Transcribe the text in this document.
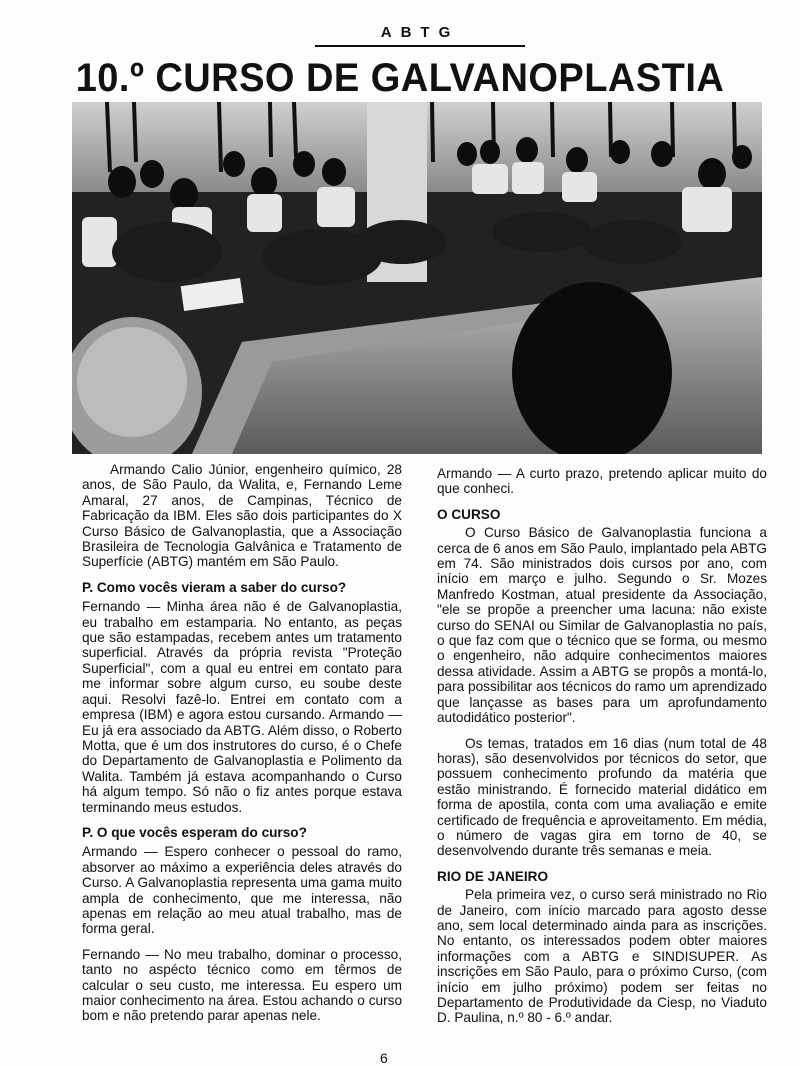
ABTG
10.º CURSO DE GALVANOPLASTIA

Armando Calio Júnior, engenheiro químico, 28 anos, de São Paulo, da Walita, e, Fernando Leme Amaral, 27 anos, de Campinas, Técnico de Fabricação da IBM. Eles são dois participantes do X Curso Básico de Galvanoplastia, que a Associação Brasileira de Tecnologia Galvânica e Tratamento de Superfície (ABTG) mantém em São Paulo.

P. Como vocês vieram a saber do curso?

Fernando — Minha área não é de Galvanoplastia, eu trabalho em estamparia. No entanto, as peças que são estampadas, recebem antes um tratamento superficial. Através da própria revista "Proteção Superficial", com a qual eu entrei em contato para me informar sobre algum curso, eu soube deste aqui. Resolvi fazê-lo. Entrei em contato com a empresa (IBM) e agora estou cursando. Armando — Eu já era associado da ABTG. Além disso, o Roberto Motta, que é um dos instrutores do curso, é o Chefe do Departamento de Galvanoplastia e Polimento da Walita. Também já estava acompanhando o Curso há algum tempo. Só não o fiz antes porque estava terminando meus estudos.

P. O que vocês esperam do curso?

Armando — Espero conhecer o pessoal do ramo, absorver ao máximo a experiência deles através do Curso. A Galvanoplastia representa uma gama muito ampla de conhecimento, que me interessa, não apenas em relação ao meu atual trabalho, mas de forma geral.

Fernando — No meu trabalho, dominar o processo, tanto no aspécto técnico como em têrmos de calcular o seu custo, me interessa. Eu espero um maior conhecimento na área. Estou achando o curso bom e não pretendo parar apenas nele.

Armando — A curto prazo, pretendo aplicar muito do que conheci.

O CURSO

O Curso Básico de Galvanoplastia funciona a cerca de 6 anos em São Paulo, implantado pela ABTG em 74. São ministrados dois cursos por ano, com início em março e julho. Segundo o Sr. Mozes Manfredo Kostman, atual presidente da Associação, "ele se propõe a preencher uma lacuna: não existe curso do SENAI ou Similar de Galvanoplastia no país, o que faz com que o técnico que se forma, ou mesmo o engenheiro, não adquire conhecimentos maiores dessa atividade. Assim a ABTG se propôs a montá-lo, para possibilitar aos técnicos do ramo um aprendizado que lançasse as bases para um aprofundamento autodidático posterior".

Os temas, tratados em 16 dias (num total de 48 horas), são desenvolvidos por técnicos do setor, que possuem conhecimento profundo da matéria que estão ministrando. É fornecido material didático em forma de apostila, conta com uma avaliação e emite certificado de frequência e aproveitamento. Em média, o número de vagas gira em torno de 40, se desenvolvendo durante três semanas e meia.

RIO DE JANEIRO

Pela primeira vez, o curso será ministrado no Rio de Janeiro, com início marcado para agosto desse ano, sem local determinado ainda para as inscrições. No entanto, os interessados podem obter maiores informações com a ABTG e SINDISUPER. As inscrições em São Paulo, para o próximo Curso, (com início em julho próximo) podem ser feitas no Departamento de Produtividade da Ciesp, no Viaduto D. Paulina, n.º 80 - 6.º andar.

6
